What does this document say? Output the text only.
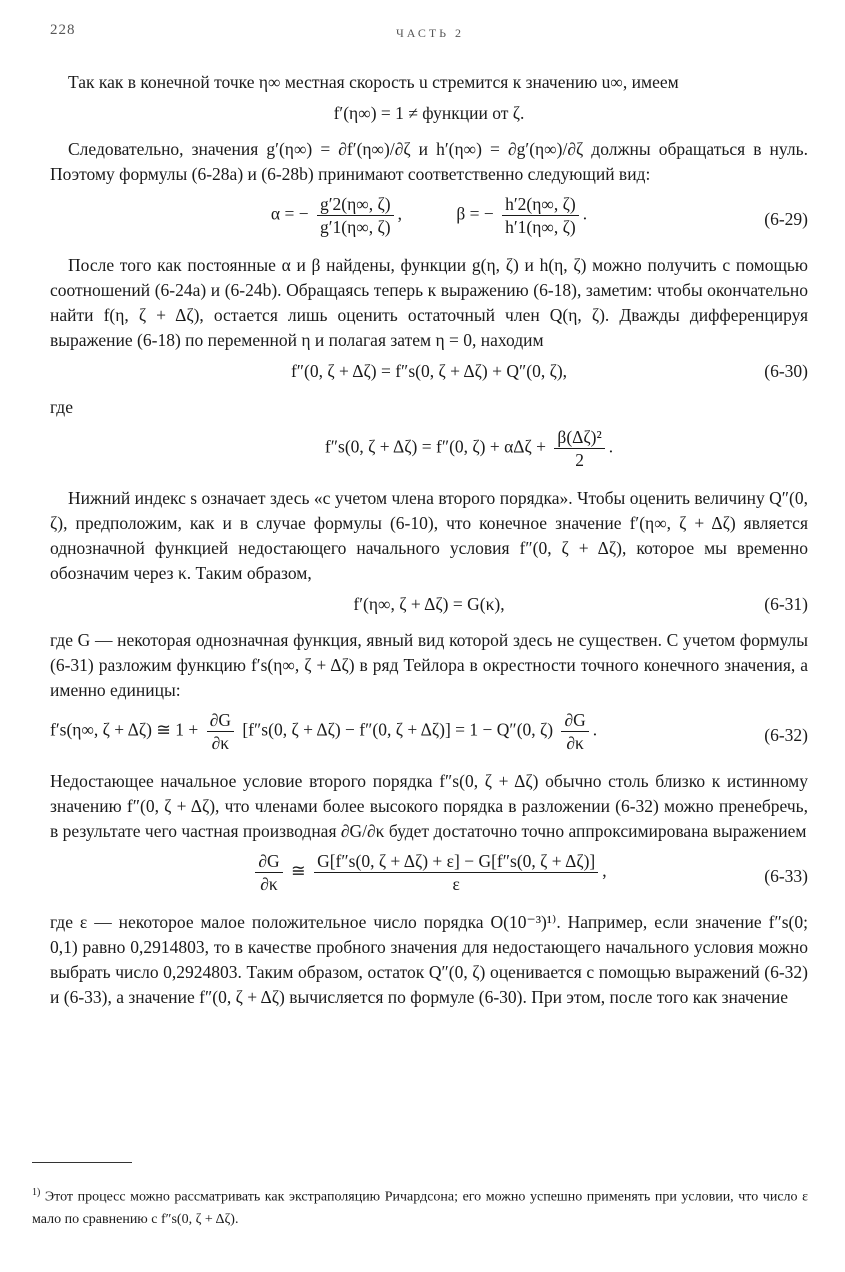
228	ЧАСТЬ 2

Так как в конечной точке η∞ местная скорость u стремится к значению u∞, имеем

f′(η∞) = 1 ≠ функции от ζ.

Следовательно, значения g′(η∞) = ∂f′(η∞)/∂ζ и h′(η∞) = ∂g′(η∞)/∂ζ должны обращаться в нуль. Поэтому формулы (6-28a) и (6-28b) принимают соответственно следующий вид:

α = − $\frac{g'2(\eta\infty, \zeta)}{g'1(\eta\infty, \zeta)}$ ,	β = − $\frac{h'2(\eta\infty, \zeta)}{h'1(\eta\infty, \zeta)}$ .	(6-29)

После того как постоянные α и β найдены, функции g(η, ζ) и h(η, ζ) можно получить с помощью соотношений (6-24a) и (6-24b). Обращаясь теперь к выражению (6-18), заметим: чтобы окончательно найти f(η, ζ + Δζ), остается лишь оценить остаточный член Q(η, ζ). Дважды дифференцируя выражение (6-18) по переменной η и полагая затем η = 0, находим

f″(0, ζ + Δζ) = f″s(0, ζ + Δζ) + Q″(0, ζ),	(6-30)

где

f″s(0, ζ + Δζ) = f″(0, $\zeta) + \alpha\Delta\zeta + \frac{\text{β(Δζ)²}}{2}$ .

Нижний индекс s означает здесь «с учетом члена второго порядка». Чтобы оценить величину Q″(0, ζ), предположим, как и в случае формулы (6-10), что конечное значение f′(η∞, ζ + Δζ) является однозначной функцией недостающего начального условия f″(0, ζ + Δζ), которое мы временно обозначим через κ. Таким образом,

f′(η∞, ζ + Δζ) = G(κ),	(6-31)

где G — некоторая однозначная функция, явный вид которой здесь не существен. С учетом формулы (6-31) разложим функцию f′s(η∞, ζ + Δζ) в ряд Тейлора в окрестности точного конечного значения, а именно единицы:

f′s(η∞, ζ + Δζ) ≅ $1 + \frac{\partial G}{\partial\kappa} [f''s(0$, ζ + Δζ) − f″(0, ζ + Δζ)] = 1 − Q″(0, $\zeta) \frac{\partial G}{\partial\kappa}$ .	(6-32)

Недостающее начальное условие второго порядка f″s(0, ζ + Δζ) обычно столь близко к истинному значению f″(0, ζ + Δζ), что членами более высокого порядка в разложении (6-32) можно пренебречь, в результате чего частная производная ∂G/∂κ будет достаточно точно аппроксимирована выражением

$\frac{\partial G}{\partial\kappa}$ ≅ $\frac{G[f''s(0, \zeta + \Delta\zeta) + \varepsilon] - G[f''s(0, \zeta + \Delta\zeta)]}{\varepsilon}$ ,	(6-33)

где ε — некоторое малое положительное число порядка O(10⁻³)¹⁾. Например, если значение f″s(0; 0,1) равно 0,2914803, то в качестве пробного значения для недостающего начального условия можно выбрать число 0,2924803. Таким образом, остаток Q″(0, ζ) оценивается с помощью выражений (6-32) и (6-33), а значение f″(0, ζ + Δζ) вычисляется по формуле (6-30). При этом, после того как значение

$^{1)}$ Этот процесс можно рассматривать как экстраполяцию Ричардсона; его можно успешно применять при условии, что число ε мало по сравнению с f″s(0, ζ + Δζ).
